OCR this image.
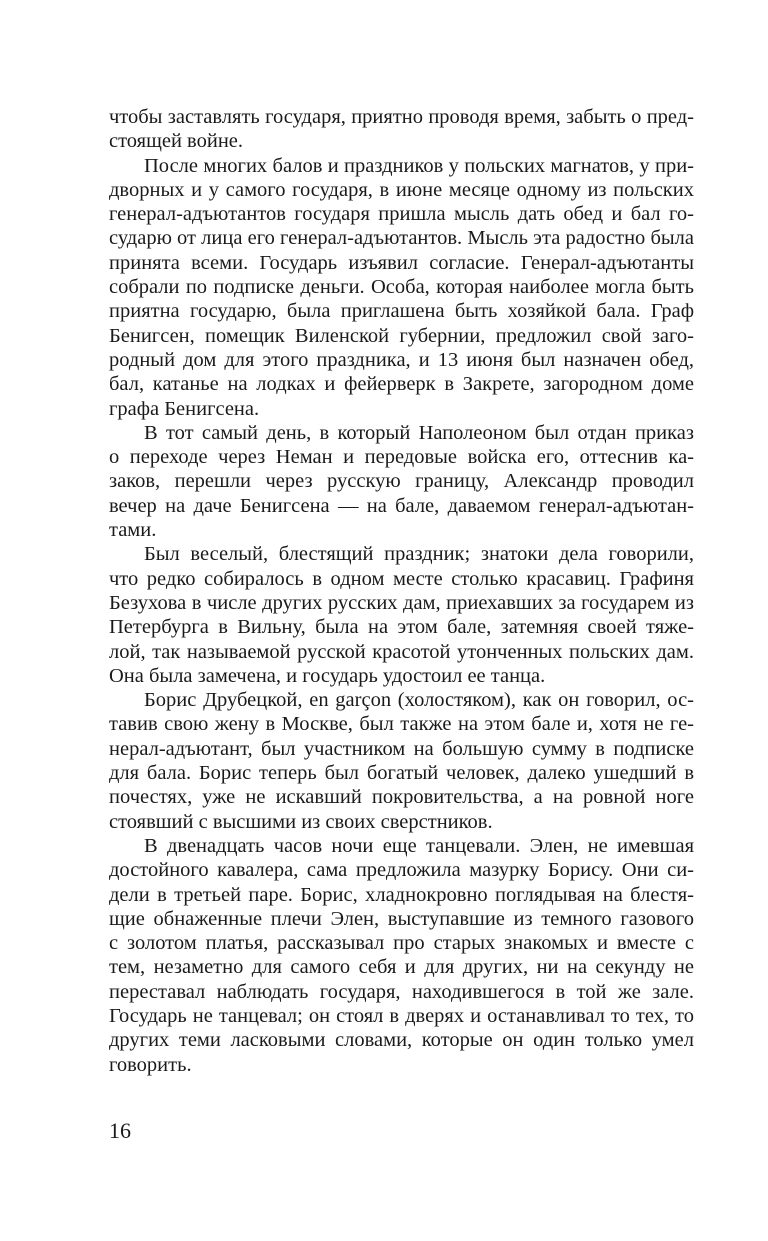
чтобы заставлять государя, приятно проводя время, забыть о пред-
стоящей войне.
После многих балов и праздников у польских магнатов, у при-
дворных и у самого государя, в июне месяце одному из польских
генерал-адъютантов государя пришла мысль дать обед и бал го-
сударю от лица его генерал-адъютантов. Мысль эта радостно была
принята всеми. Государь изъявил согласие. Генерал-адъютанты
собрали по подписке деньги. Особа, которая наиболее могла быть
приятна государю, была приглашена быть хозяйкой бала. Граф
Бенигсен, помещик Виленской губернии, предложил свой заго-
родный дом для этого праздника, и 13 июня был назначен обед,
бал, катанье на лодках и фейерверк в Закрете, загородном доме
графа Бенигсена.
В тот самый день, в который Наполеоном был отдан приказ
о переходе через Неман и передовые войска его, оттеснив ка-
заков, перешли через русскую границу, Александр проводил
вечер на даче Бенигсена — на бале, даваемом генерал-адъютан-
тами.
Был веселый, блестящий праздник; знатоки дела говорили,
что редко собиралось в одном месте столько красавиц. Графиня
Безухова в числе других русских дам, приехавших за государем из
Петербурга в Вильну, была на этом бале, затемняя своей тяже-
лой, так называемой русской красотой утонченных польских дам.
Она была замечена, и государь удостоил ее танца.
Борис Друбецкой, en garçon (холостяком), как он говорил, ос-
тавив свою жену в Москве, был также на этом бале и, хотя не ге-
нерал-адъютант, был участником на большую сумму в подписке
для бала. Борис теперь был богатый человек, далеко ушедший в
почестях, уже не искавший покровительства, а на ровной ноге
стоявший с высшими из своих сверстников.
В двенадцать часов ночи еще танцевали. Элен, не имевшая
достойного кавалера, сама предложила мазурку Борису. Они си-
дели в третьей паре. Борис, хладнокровно поглядывая на блестя-
щие обнаженные плечи Элен, выступавшие из темного газового
с золотом платья, рассказывал про старых знакомых и вместе с
тем, незаметно для самого себя и для других, ни на секунду не
переставал наблюдать государя, находившегося в той же зале.
Государь не танцевал; он стоял в дверях и останавливал то тех, то
других теми ласковыми словами, которые он один только умел
говорить.
16
